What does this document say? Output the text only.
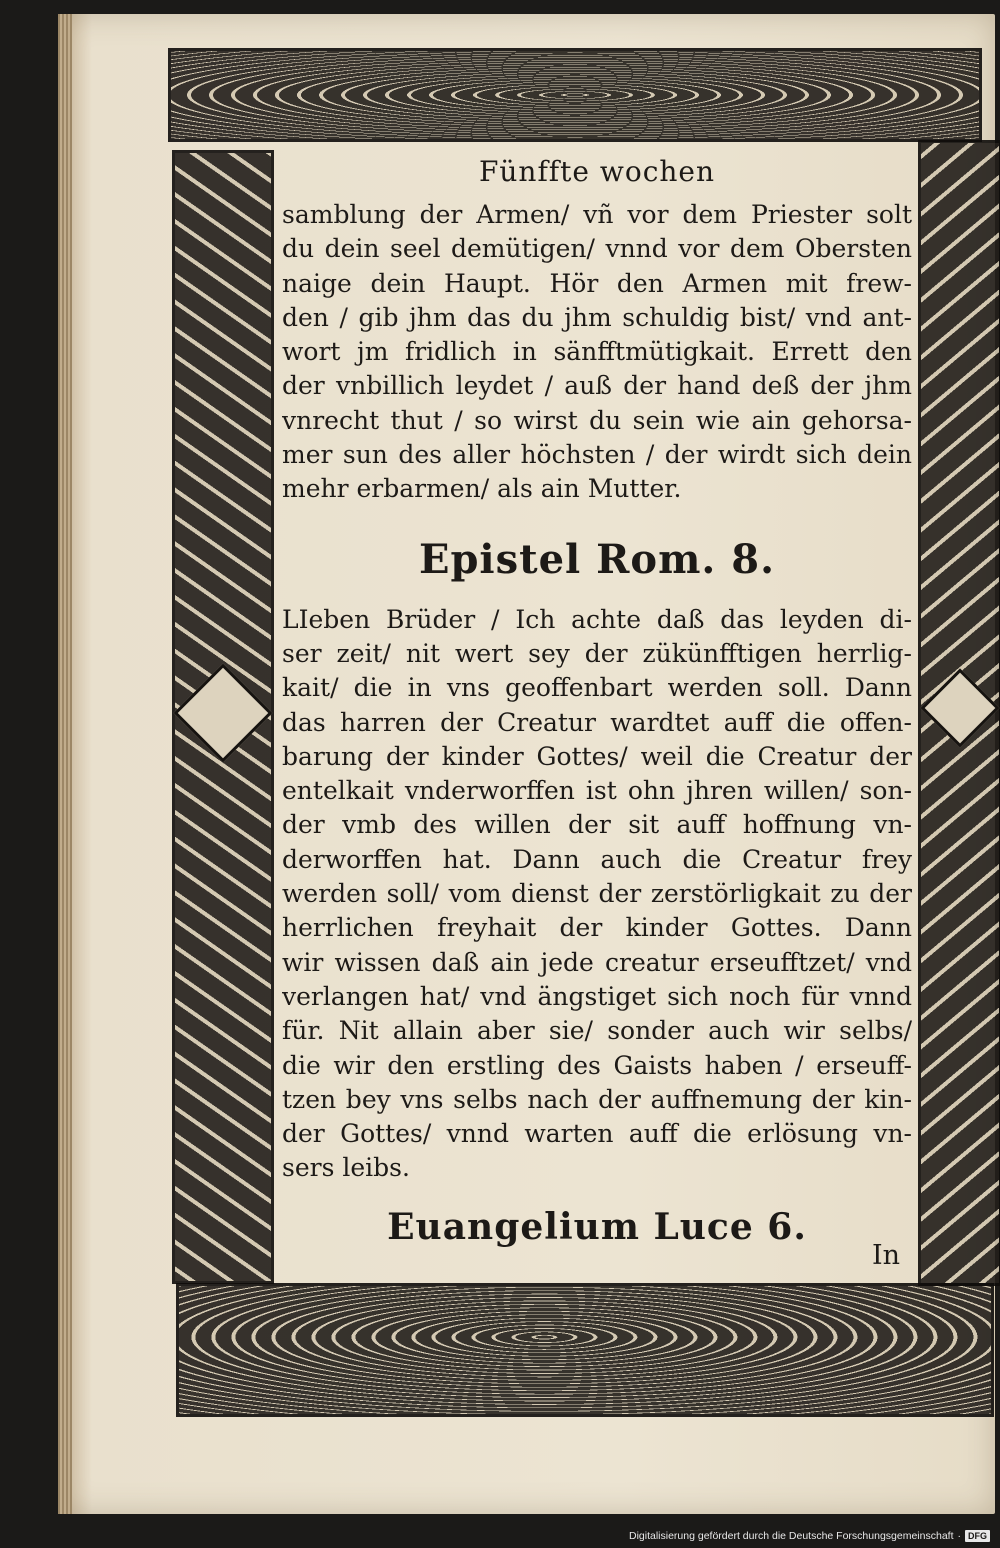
Fünffte wochen
samblung der Armen/ vñ vor dem Priester solt
du dein seel demütigen/ vnnd vor dem Obersten
naige dein Haupt. Hör den Armen mit frew-
den / gib jhm das du jhm schuldig bist/ vnd ant-
wort jm fridlich in sänfftmütigkait. Errett den
der vnbillich leydet / auß der hand deß der jhm
vnrecht thut / so wirst du sein wie ain gehorsa-
mer sun des aller höchsten / der wirdt sich dein
mehr erbarmen/ als ain Mutter.
Epistel Rom. 8.
LIeben Brüder / Ich achte daß das leyden di-
ser zeit/ nit wert sey der zükünfftigen herrlig-
kait/ die in vns geoffenbart werden soll. Dann
das harren der Creatur wardtet auff die offen-
barung der kinder Gottes/ weil die Creatur der
entelkait vnderworffen ist ohn jhren willen/ son-
der vmb des willen der sit auff hoffnung vn-
derworffen hat. Dann auch die Creatur frey
werden soll/ vom dienst der zerstörligkait zu der
herrlichen freyhait der kinder Gottes. Dann
wir wissen daß ain jede creatur erseufftzet/ vnd
verlangen hat/ vnd ängstiget sich noch für vnnd
für. Nit allain aber sie/ sonder auch wir selbs/
die wir den erstling des Gaists haben / erseuff-
tzen bey vns selbs nach der auffnemung der kin-
der Gottes/ vnnd warten auff die erlösung vn-
sers leibs.
Euangelium Luce 6.
In
Digitalisierung gefördert durch die Deutsche Forschungsgemeinschaft · DFG
